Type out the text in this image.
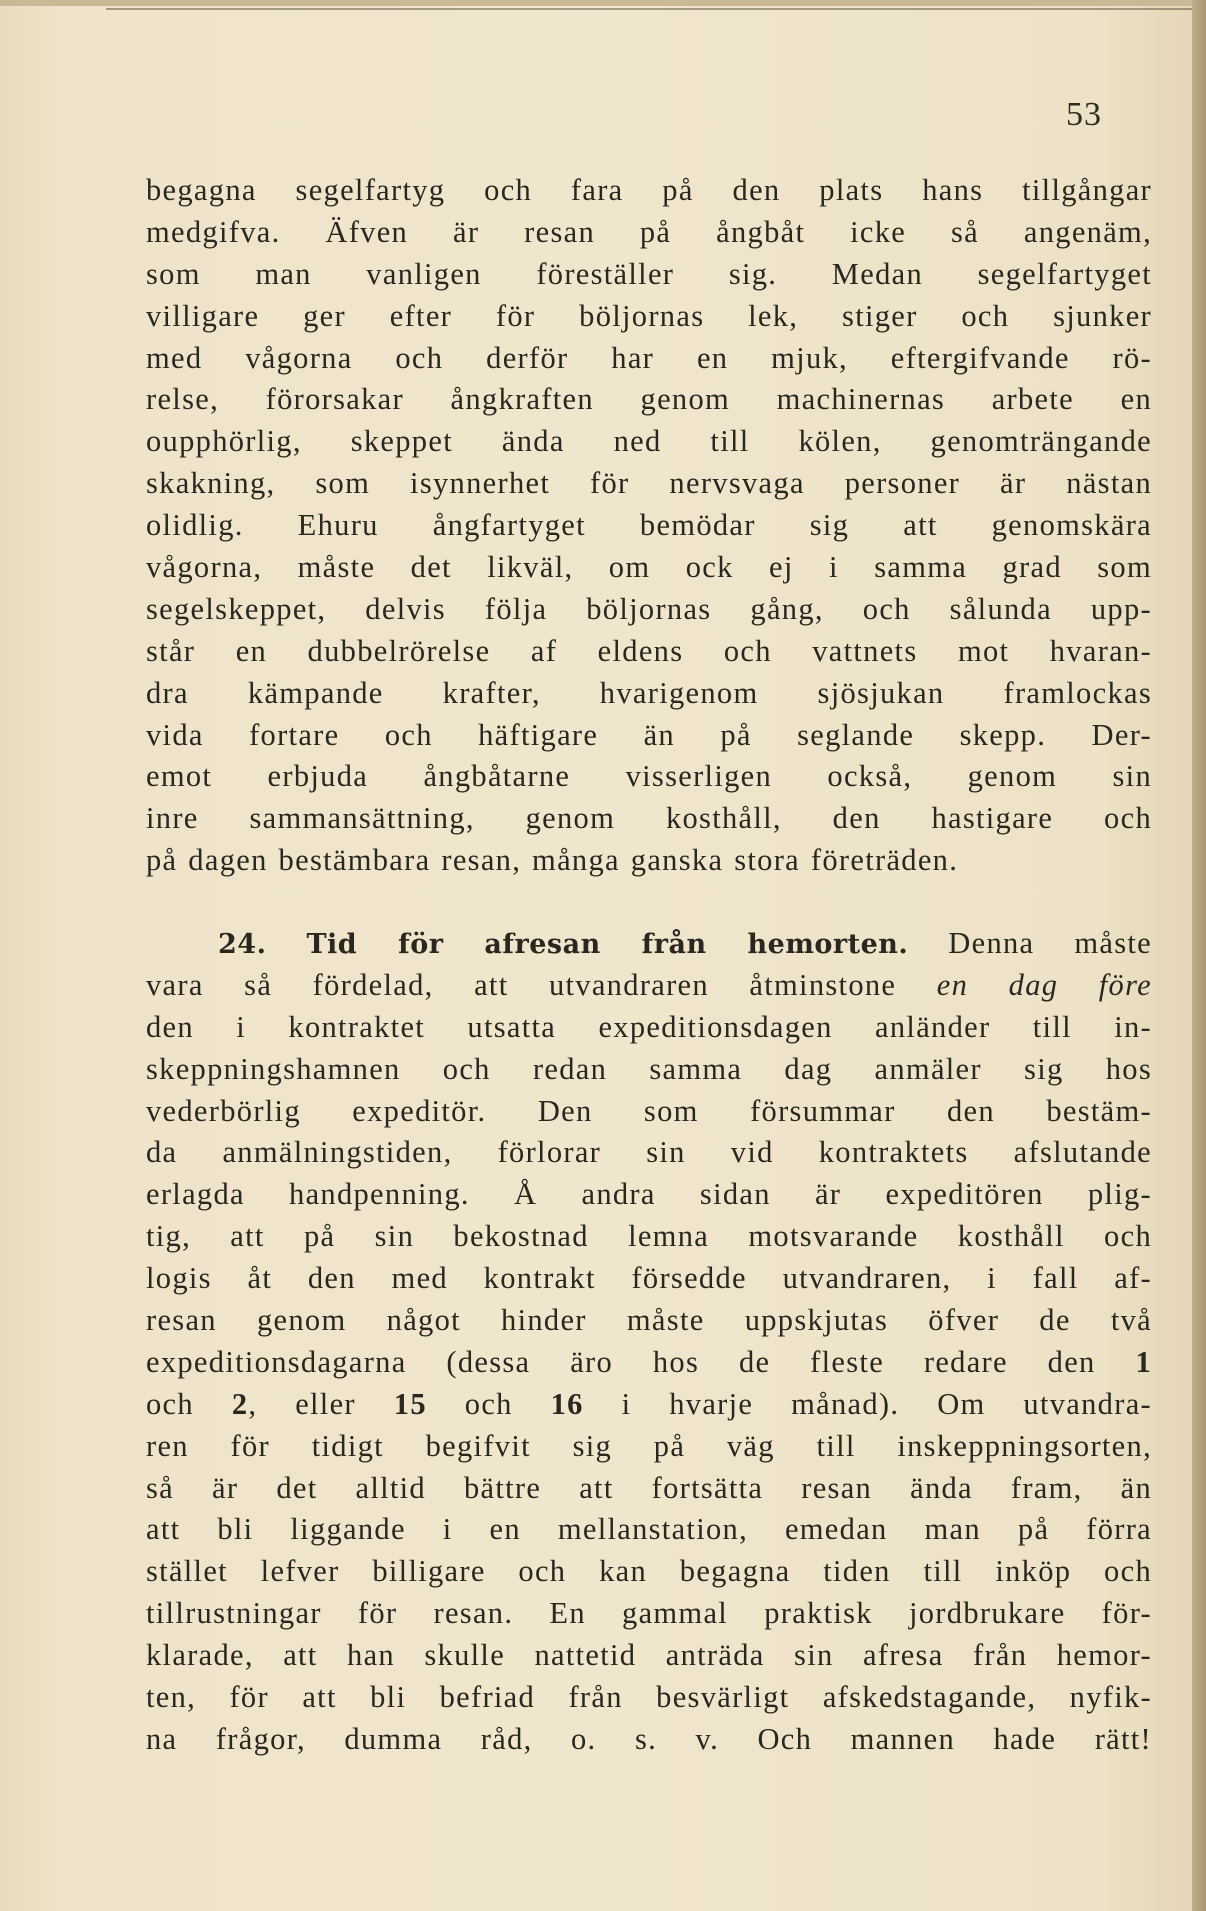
53
begagna segelfartyg och fara på den plats hans tillgångar
medgifva. Äfven är resan på ångbåt icke så angenäm,
som man vanligen föreställer sig. Medan segelfartyget
villigare ger efter för böljornas lek, stiger och sjunker
med vågorna och derför har en mjuk, eftergifvande rö-
relse, förorsakar ångkraften genom machinernas arbete en
oupphörlig, skeppet ända ned till kölen, genomträngande
skakning, som isynnerhet för nervsvaga personer är nästan
olidlig. Ehuru ångfartyget bemödar sig att genomskära
vågorna, måste det likväl, om ock ej i samma grad som
segelskeppet, delvis följa böljornas gång, och sålunda upp-
står en dubbelrörelse af eldens och vattnets mot hvaran-
dra kämpande krafter, hvarigenom sjösjukan framlockas
vida fortare och häftigare än på seglande skepp. Der-
emot erbjuda ångbåtarne visserligen också, genom sin
inre sammansättning, genom kosthåll, den hastigare och
på dagen bestämbara resan, många ganska stora företräden.
24. Tid för afresan från hemorten. Denna måste
vara så fördelad, att utvandraren åtminstone en dag före
den i kontraktet utsatta expeditionsdagen anländer till in-
skeppningshamnen och redan samma dag anmäler sig hos
vederbörlig expeditör. Den som försummar den bestäm-
da anmälningstiden, förlorar sin vid kontraktets afslutande
erlagda handpenning. Å andra sidan är expeditören plig-
tig, att på sin bekostnad lemna motsvarande kosthåll och
logis åt den med kontrakt försedde utvandraren, i fall af-
resan genom något hinder måste uppskjutas öfver de två
expeditionsdagarna (dessa äro hos de fleste redare den 1
och 2, eller 15 och 16 i hvarje månad). Om utvandra-
ren för tidigt begifvit sig på väg till inskeppningsorten,
så är det alltid bättre att fortsätta resan ända fram, än
att bli liggande i en mellanstation, emedan man på förra
stället lefver billigare och kan begagna tiden till inköp och
tillrustningar för resan. En gammal praktisk jordbrukare för-
klarade, att han skulle nattetid anträda sin afresa från hemor-
ten, för att bli befriad från besvärligt afskedstagande, nyfik-
na frågor, dumma råd, o. s. v. Och mannen hade rätt!
